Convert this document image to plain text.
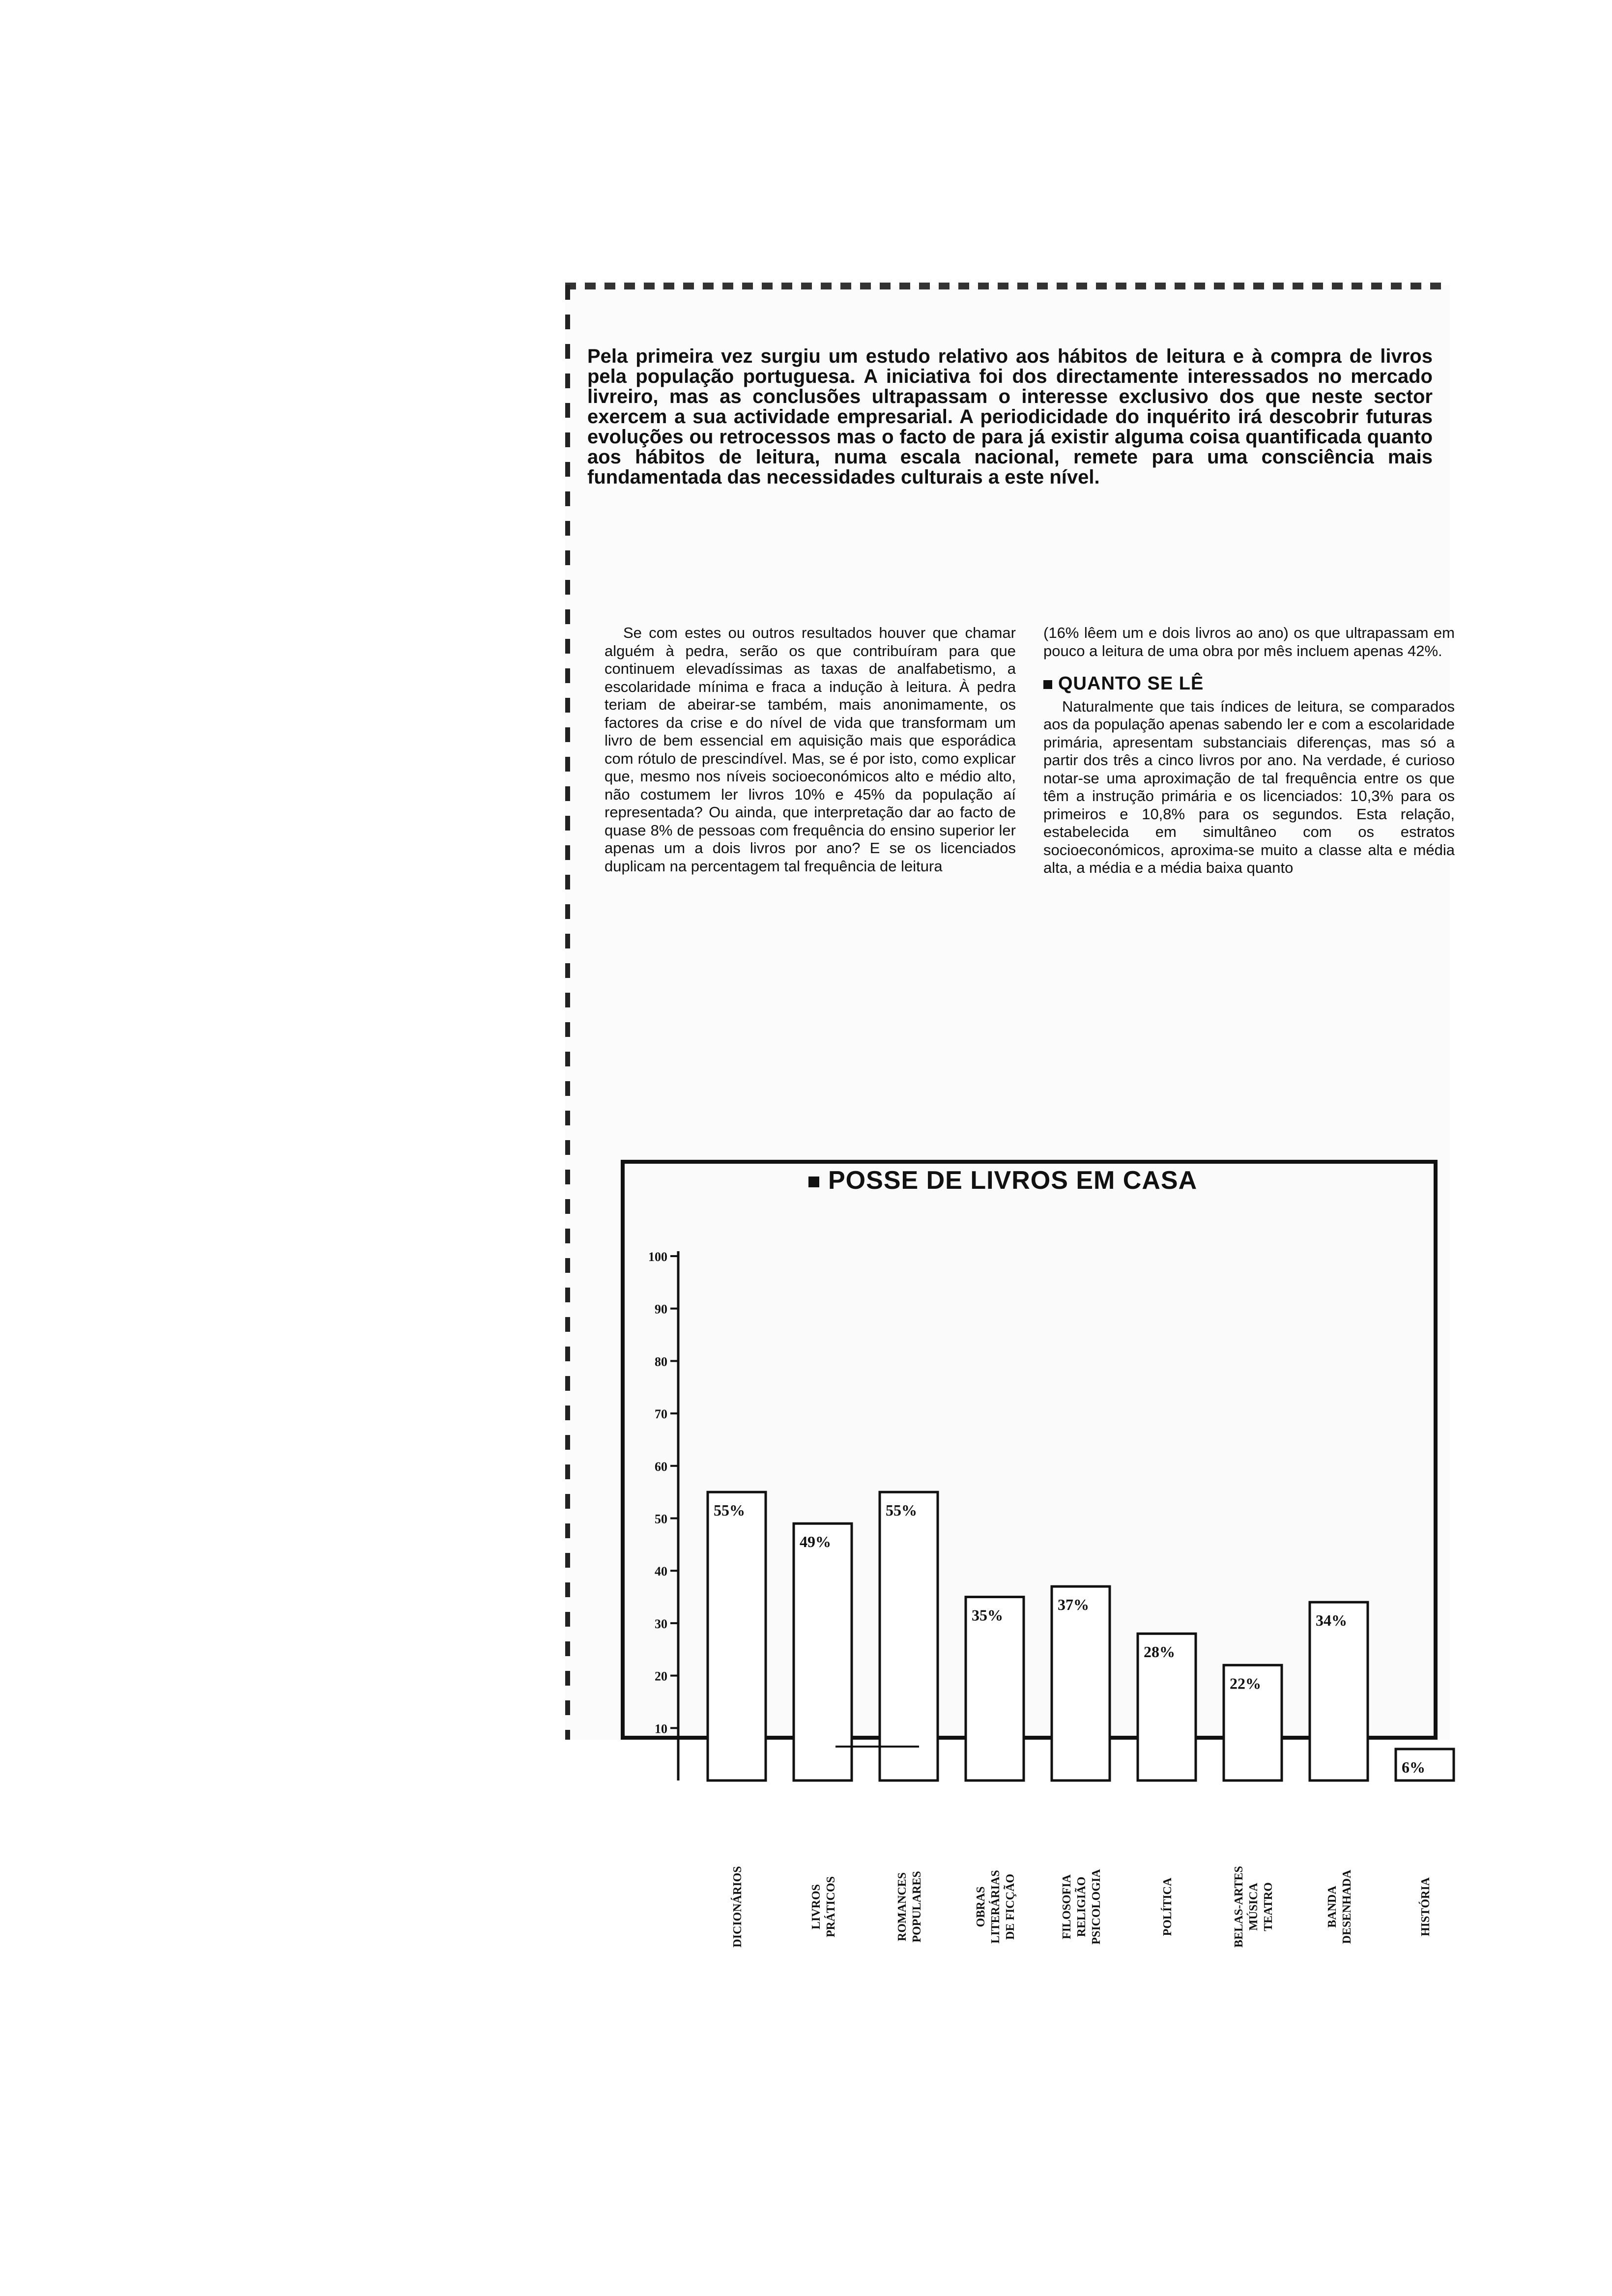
Pela primeira vez surgiu um estudo relativo aos hábitos de leitura e à compra de livros pela população portuguesa. A iniciativa foi dos directamente interessados no mercado livreiro, mas as conclusões ultrapassam o interesse exclusivo dos que neste sector exercem a sua actividade empresarial. A periodicidade do inquérito irá descobrir futuras evoluções ou retrocessos mas o facto de para já existir alguma coisa quantificada quanto aos hábitos de leitura, numa escala nacional, remete para uma consciência mais fundamentada das necessidades culturais a este nível.

Se com estes ou outros resultados houver que chamar alguém à pedra, serão os que contribuíram para que continuem elevadíssimas as taxas de analfabetismo, a escolaridade mínima e fraca a indução à leitura. À pedra teriam de abeirar-se também, mais anonimamente, os factores da crise e do nível de vida que transformam um livro de bem essencial em aquisição mais que esporádica com rótulo de prescindível. Mas, se é por isto, como explicar que, mesmo nos níveis socioeconómicos alto e médio alto, não costumem ler livros 10% e 45% da população aí representada? Ou ainda, que interpretação dar ao facto de quase 8% de pessoas com frequência do ensino superior ler apenas um a dois livros por ano? E se os licenciados duplicam na percentagem tal frequência de leitura

(16% lêem um e dois livros ao ano) os que ultrapassam em pouco a leitura de uma obra por mês incluem apenas 42%.

QUANTO SE LÊ

Naturalmente que tais índices de leitura, se comparados aos da população apenas sabendo ler e com a escolaridade primária, apresentam substanciais diferenças, mas só a partir dos três a cinco livros por ano. Na verdade, é curioso notar-se uma aproximação de tal frequência entre os que têm a instrução primária e os licenciados: 10,3% para os primeiros e 10,8% para os segundos. Esta relação, estabelecida em simultâneo com os estratos socioeconómicos, aproxima-se muito a classe alta e média alta, a média e a média baixa quanto

POSSE DE LIVROS EM CASA
10
20
30
40
50
60
70
80
90
100
55%
DICIONÁRIOS
49%
LIVROS PRÁTICOS
55%
ROMANCES POPULARES
35%
OBRAS LITERÁRIAS DE FICÇÃO
37%
FILOSOFIA RELIGIÃO PSICOLOGIA
28%
POLÍTICA
22%
BELAS-ARTES MÚSICA TEATRO
34%
BANDA DESENHADA
6%
HISTÓRIA
